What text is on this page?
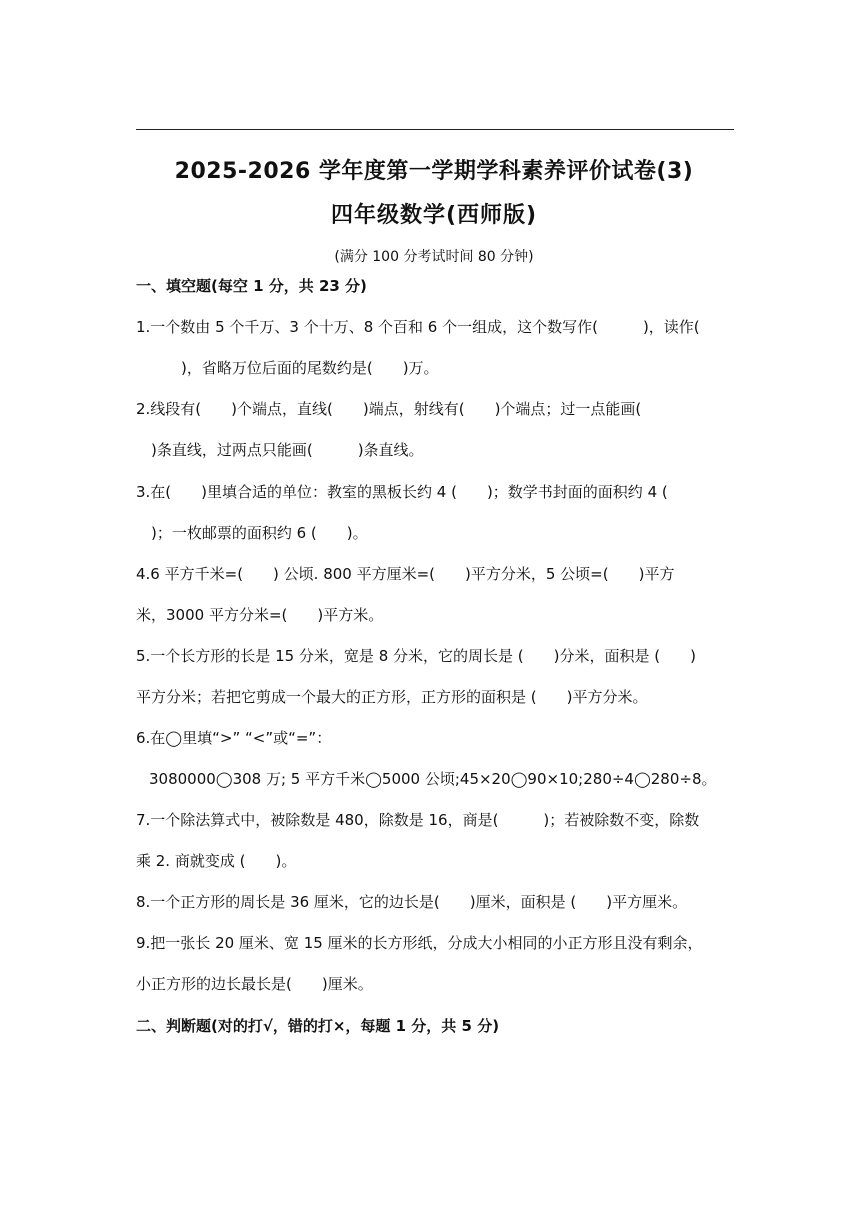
2025-2026 学年度第一学期学科素养评价试卷(3)
四年级数学(西师版)
(满分 100 分考试时间 80 分钟)
一、填空题(每空 1 分，共 23 分)
1.一个数由 5 个千万、3 个十万、8 个百和 6 个一组成，这个数写作(　　　)，读作(
　　　)，省略万位后面的尾数约是(　　)万。
2.线段有(　　)个端点，直线(　　)端点，射线有(　　)个端点；过一点能画(
　)条直线，过两点只能画(　　　)条直线。
3.在(　　)里填合适的单位：教室的黑板长约 4 (　　)；数学书封面的面积约 4 (
　)；一枚邮票的面积约 6 (　　)。
4.6 平方千米=(　　) 公顷. 800 平方厘米=(　　)平方分米，5 公顷=(　　)平方
米，3000 平方分米=(　　)平方米。
5.一个长方形的长是 15 分米，宽是 8 分米，它的周长是 (　　)分米，面积是 (　　)
平方分米；若把它剪成一个最大的正方形，正方形的面积是 (　　)平方分米。
6.在◯里填“>” “<”或“=”：
3080000◯308 万; 5 平方千米◯5000 公顷;45×20◯90×10;280÷4◯280÷8。
7.一个除法算式中，被除数是 480，除数是 16，商是(　　　)；若被除数不变，除数
乘 2. 商就变成 (　　)。
8.一个正方形的周长是 36 厘米，它的边长是(　　)厘米，面积是 (　　)平方厘米。
9.把一张长 20 厘米、宽 15 厘米的长方形纸，分成大小相同的小正方形且没有剩余，
小正方形的边长最长是(　　)厘米。
二、判断题(对的打√，错的打×，每题 1 分，共 5 分)
